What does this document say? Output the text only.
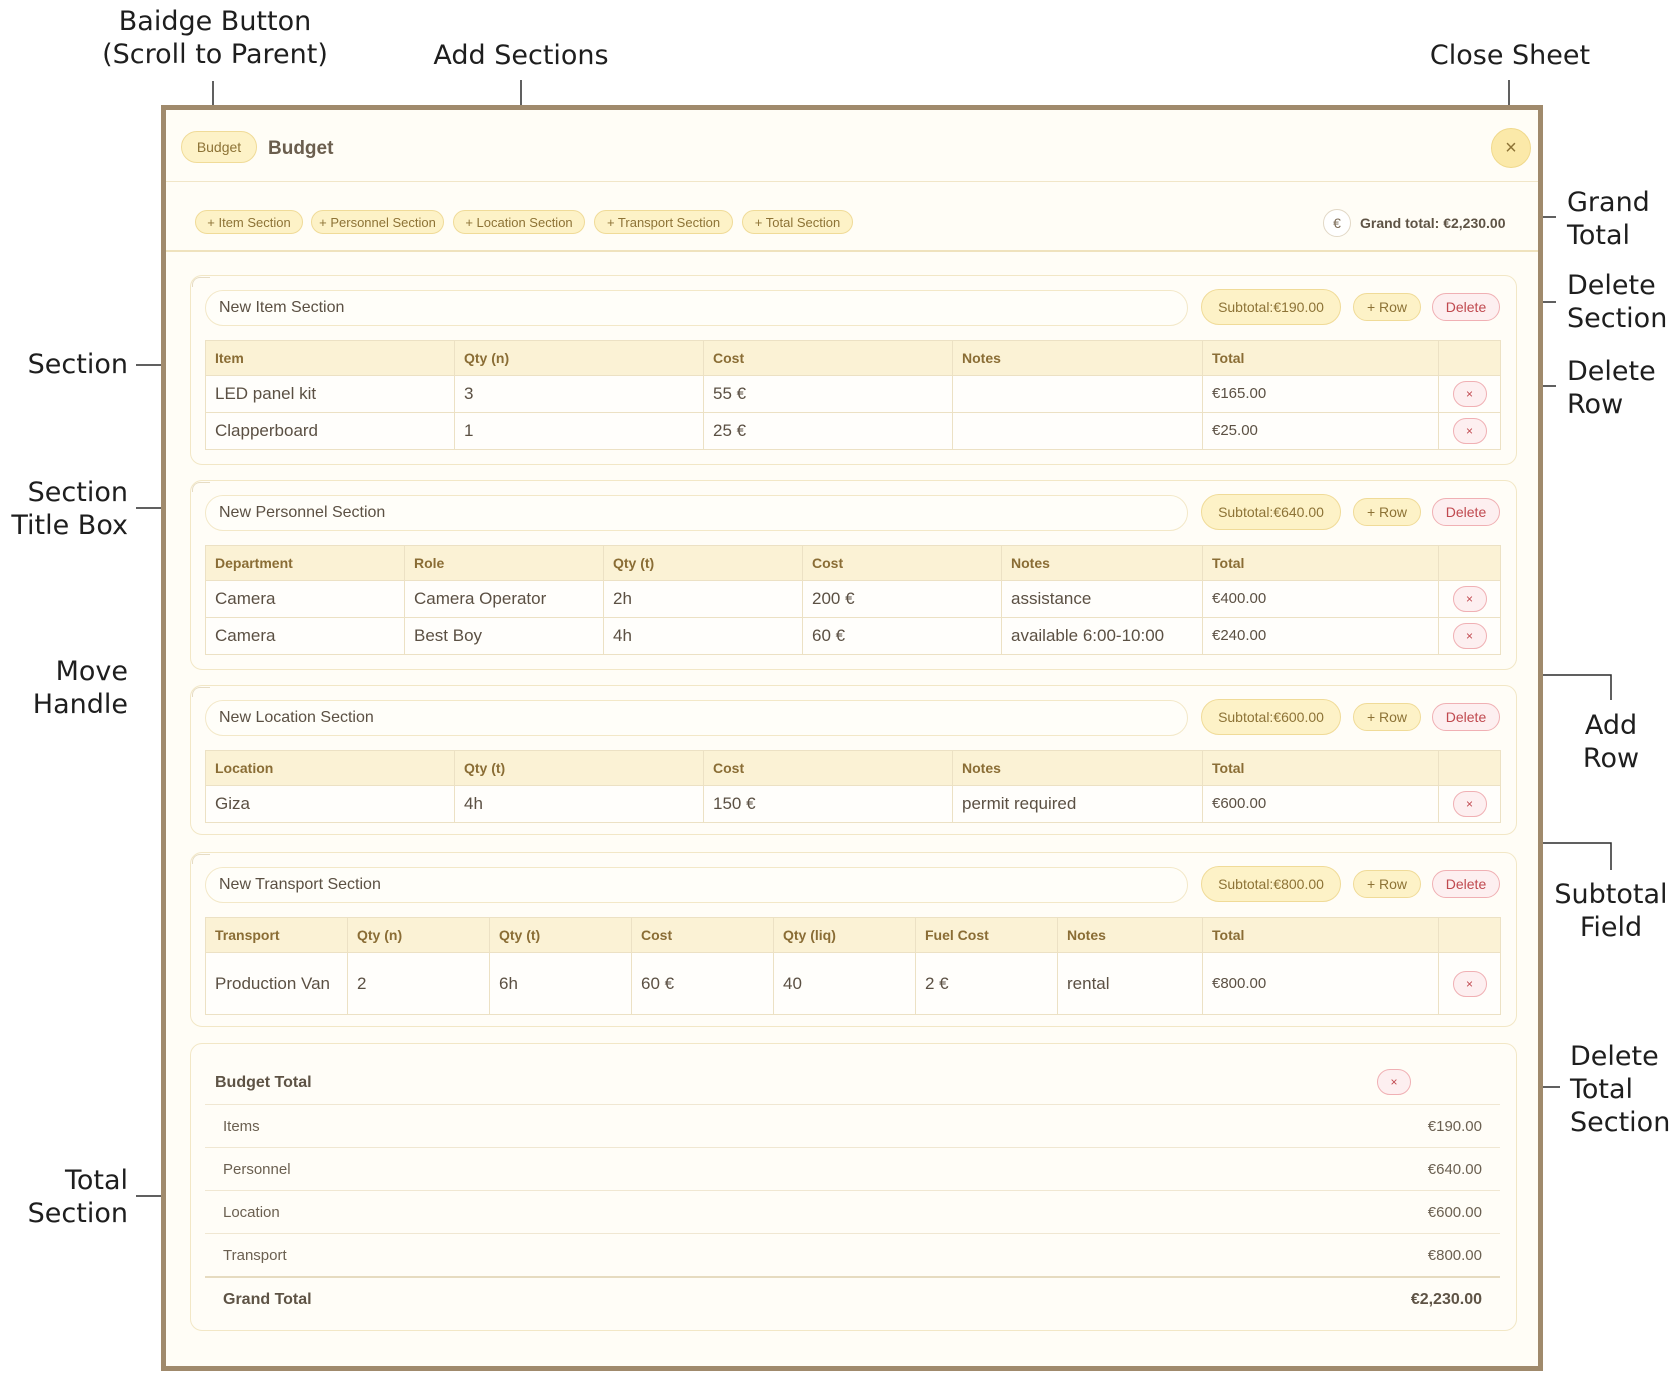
Baidge Button
(Scroll to Parent)	Add Sections	Close Sheet
Grand
Total
Delete
Section
Delete
Row
Section
Section
Title Box
Move
Handle
Add
Row
Subtotal
Field
Delete
Total
Section
Total
Section
Budget	Budget	×
+ Item Section	+ Personnel Section	+ Location Section	+ Transport Section	+ Total Section	€	Grand total: €2,230.00
New Item Section	Subtotal:€190.00	+ Row	Delete
Item	Qty (n)	Cost	Notes	Total	
LED panel kit	3	55 €		€165.00	×
Clapperboard	1	25 €		€25.00	×
New Personnel Section	Subtotal:€640.00	+ Row	Delete
Department	Role	Qty (t)	Cost	Notes	Total	
Camera	Camera Operator	2h	200 €	assistance	€400.00	×
Camera	Best Boy	4h	60 €	available 6:00-10:00	€240.00	×
New Location Section	Subtotal:€600.00	+ Row	Delete
Location	Qty (t)	Cost	Notes	Total	
Giza	4h	150 €	permit required	€600.00	×
New Transport Section	Subtotal:€800.00	+ Row	Delete
Transport	Qty (n)	Qty (t)	Cost	Qty (liq)	Fuel Cost	Notes	Total	
Production Van	2	6h	60 €	40	2 €	rental	€800.00	×
Budget Total	×
Items	€190.00
Personnel	€640.00
Location	€600.00
Transport	€800.00
Grand Total	€2,230.00
